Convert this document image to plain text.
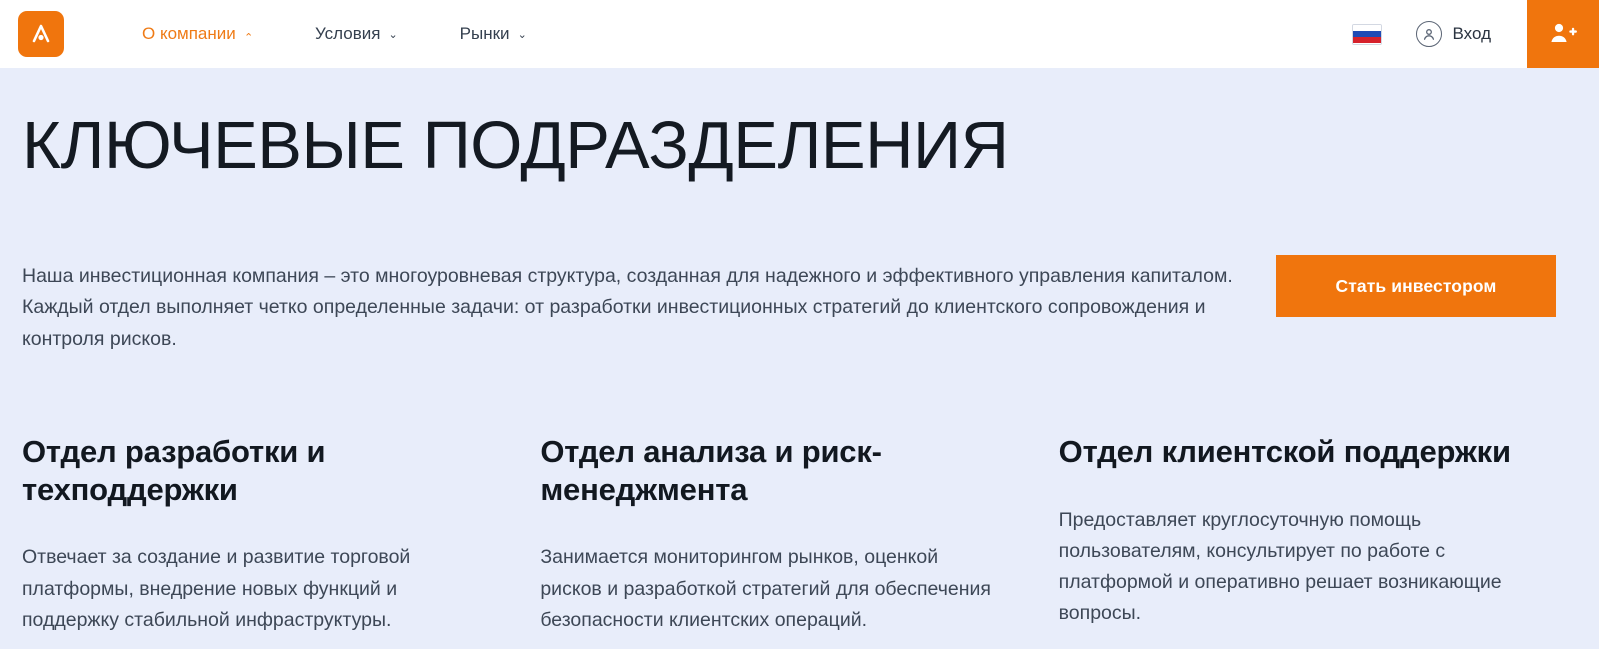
О компании ⌄	Условия ⌄	Рынки ⌄	Вход
КЛЮЧЕВЫЕ ПОДРАЗДЕЛЕНИЯ

Наша инвестиционная компания – это многоуровневая структура, созданная для надежного и эффективного управления капиталом. Каждый отдел выполняет четко определенные задачи: от разработки инвестиционных стратегий до клиентского сопровождения и контроля рисков.

Стать инвестором
Отдел разработки и техподдержки

Отвечает за создание и развитие торговой платформы, внедрение новых функций и поддержку стабильной инфраструктуры.

Отдел анализа и риск-менеджмента

Занимается мониторингом рынков, оценкой рисков и разработкой стратегий для обеспечения безопасности клиентских операций.

Отдел клиентской поддержки

Предоставляет круглосуточную помощь пользователям, консультирует по работе с платформой и оперативно решает возникающие вопросы.
